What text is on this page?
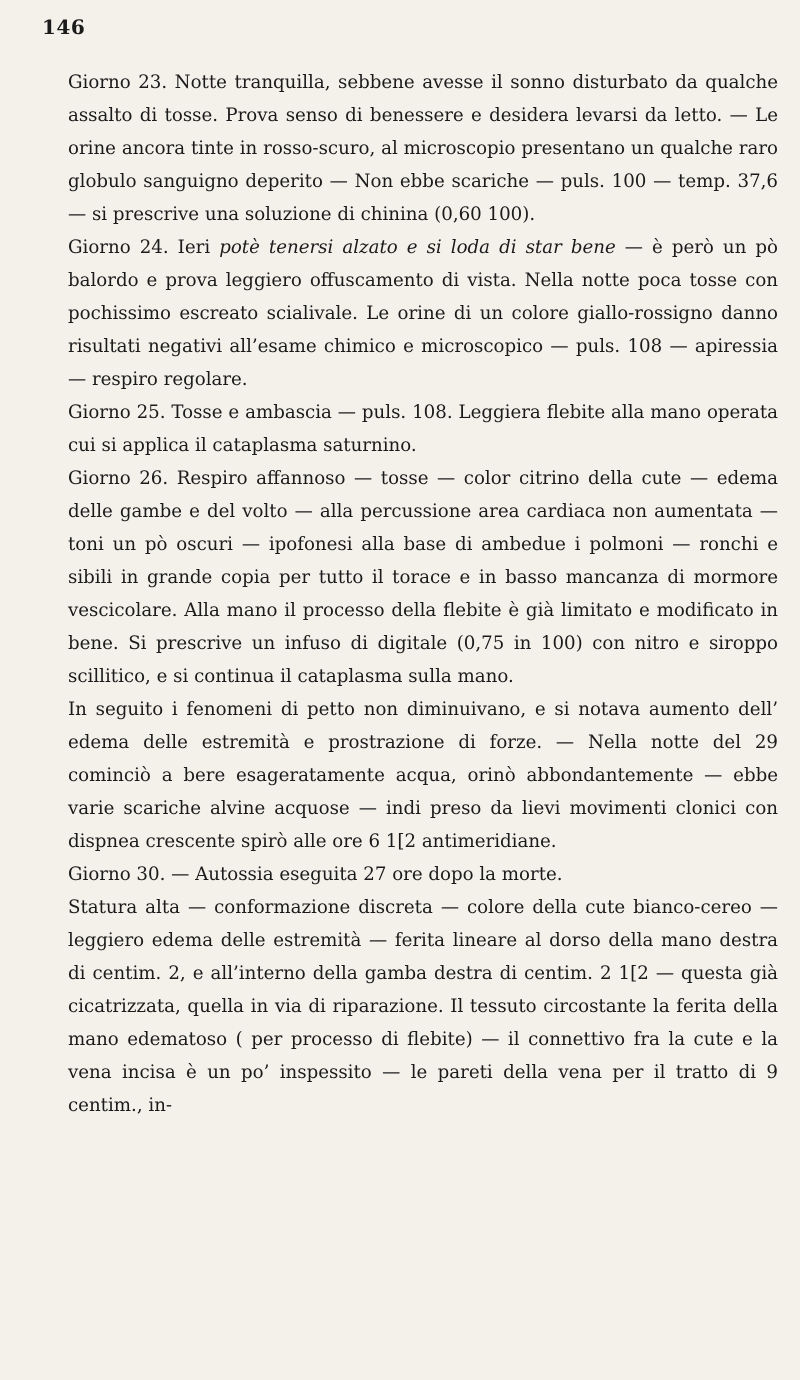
146

Giorno 23. Notte tranquilla, sebbene avesse il sonno disturbato da qualche assalto di tosse. Prova senso di benessere e desidera levarsi da letto. — Le orine ancora tinte in rosso-scuro, al microscopio presentano un qualche raro globulo sanguigno deperito — Non ebbe scariche — puls. 100 — temp. 37,6 — si prescrive una soluzione di chinina (0,60 100).

Giorno 24. Ieri potè tenersi alzato e si loda di star bene — è però un pò balordo e prova leggiero offuscamento di vista. Nella notte poca tosse con pochissimo escreato scialivale. Le orine di un colore giallo-rossigno danno risultati negativi all’esame chimico e microscopico — puls. 108 — apiressia — respiro regolare.

Giorno 25. Tosse e ambascia — puls. 108. Leggiera flebite alla mano operata cui si applica il cataplasma saturnino.

Giorno 26. Respiro affannoso — tosse — color citrino della cute — edema delle gambe e del volto — alla percussione area cardiaca non aumentata — toni un pò oscuri — ipofonesi alla base di ambedue i polmoni — ronchi e sibili in grande copia per tutto il torace e in basso mancanza di mormore vescicolare. Alla mano il processo della flebite è già limitato e modificato in bene. Si prescrive un infuso di digitale (0,75 in 100) con nitro e siroppo scillitico, e si continua il cataplasma sulla mano.

In seguito i fenomeni di petto non diminuivano, e si notava aumento dell’ edema delle estremità e prostrazione di forze. — Nella notte del 29 cominciò a bere esageratamente acqua, orinò abbondantemente — ebbe varie scariche alvine acquose — indi preso da lievi movimenti clonici con dispnea crescente spirò alle ore 6 1[2 antimeridiane.

Giorno 30. — Autossia eseguita 27 ore dopo la morte.

Statura alta — conformazione discreta — colore della cute bianco-cereo — leggiero edema delle estremità — ferita lineare al dorso della mano destra di centim. 2, e all’interno della gamba destra di centim. 2 1[2 — questa già cicatrizzata, quella in via di riparazione. Il tessuto circostante la ferita della mano edematoso ( per processo di flebite) — il connettivo fra la cute e la vena incisa è un po’ inspessito — le pareti della vena per il tratto di 9 centim., in-
